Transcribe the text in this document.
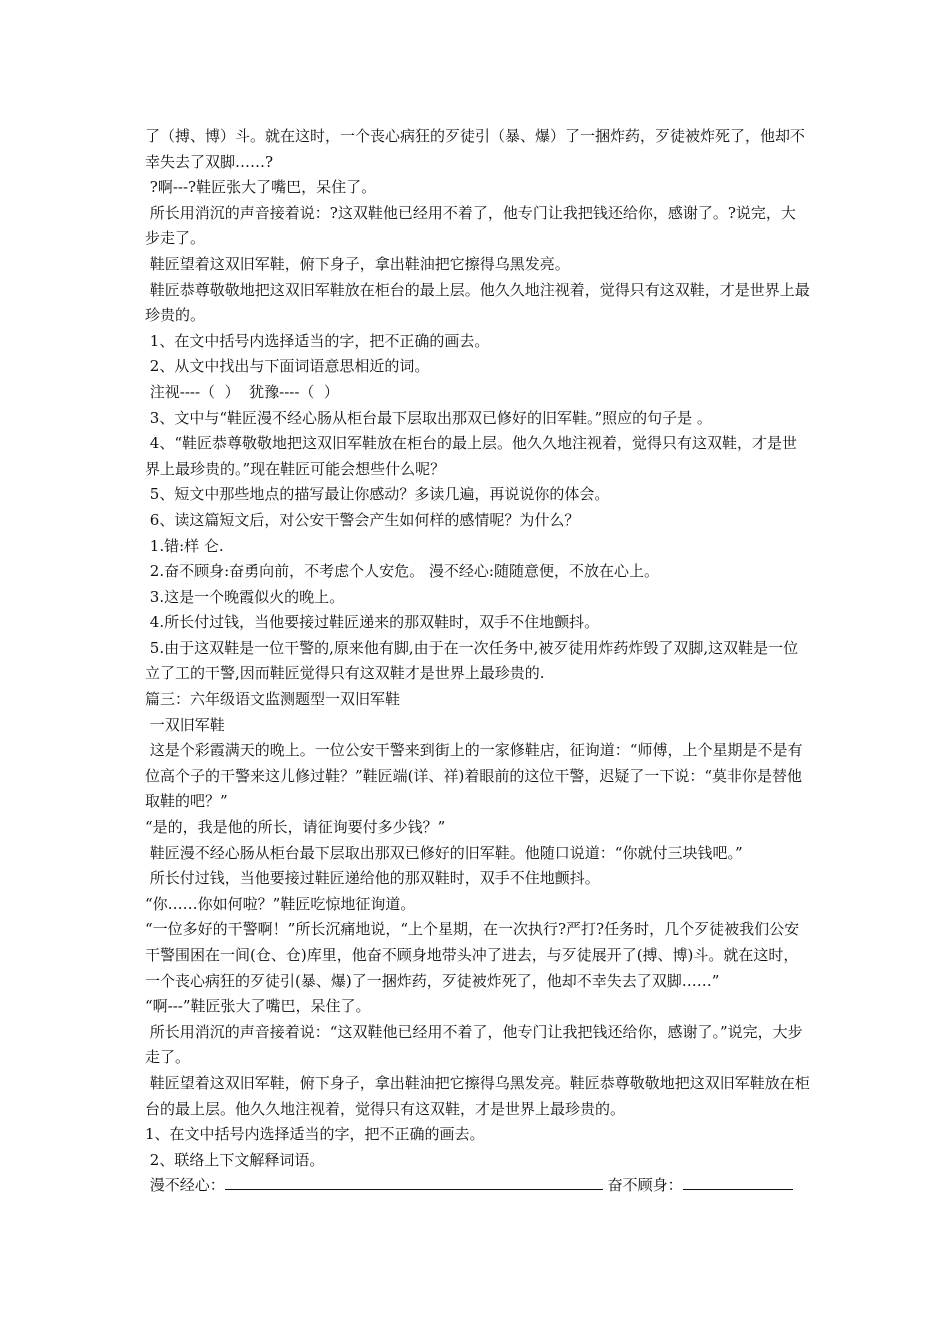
了（搏、博）斗。就在这时，一个丧心病狂的歹徒引（暴、爆）了一捆炸药，歹徒被炸死了，他却不幸失去了双脚……?

?啊---?鞋匠张大了嘴巴，呆住了。

所长用消沉的声音接着说：?这双鞋他已经用不着了，他专门让我把钱还给你，感谢了。?说完，大步走了。

鞋匠望着这双旧军鞋，俯下身子，拿出鞋油把它擦得乌黑发亮。

鞋匠恭尊敬敬地把这双旧军鞋放在柜台的最上层。他久久地注视着，觉得只有这双鞋，才是世界上最珍贵的。

1、在文中括号内选择适当的字，把不正确的画去。

2、从文中找出与下面词语意思相近的词。

注视----（  ）  犹豫----（  ）

3、文中与“鞋匠漫不经心肠从柜台最下层取出那双已修好的旧军鞋。”照应的句子是 。

4、“鞋匠恭尊敬敬地把这双旧军鞋放在柜台的最上层。他久久地注视着，觉得只有这双鞋，才是世界上最珍贵的。”现在鞋匠可能会想些什么呢？

5、短文中那些地点的描写最让你感动？多读几遍，再说说你的体会。

6、读这篇短文后，对公安干警会产生如何样的感情呢？为什么？

1.错:样 仑.

2.奋不顾身:奋勇向前，不考虑个人安危。 漫不经心:随随意便，不放在心上。

3.这是一个晚霞似火的晚上。

4.所长付过钱，当他要接过鞋匠递来的那双鞋时，双手不住地颤抖。

5.由于这双鞋是一位干警的,原来他有脚,由于在一次任务中,被歹徒用炸药炸毁了双脚,这双鞋是一位立了工的干警,因而鞋匠觉得只有这双鞋才是世界上最珍贵的.

篇三：六年级语文监测题型一双旧军鞋

一双旧军鞋

这是个彩霞满天的晚上。一位公安干警来到街上的一家修鞋店，征询道：“师傅，上个星期是不是有位高个子的干警来这儿修过鞋？”鞋匠端(详、祥)着眼前的这位干警，迟疑了一下说：“莫非你是替他取鞋的吧？”

“是的，我是他的所长，请征询要付多少钱？”

鞋匠漫不经心肠从柜台最下层取出那双已修好的旧军鞋。他随口说道：“你就付三块钱吧。”

所长付过钱，当他要接过鞋匠递给他的那双鞋时，双手不住地颤抖。

“你……你如何啦？”鞋匠吃惊地征询道。

“一位多好的干警啊！”所长沉痛地说，“上个星期，在一次执行?严打?任务时，几个歹徒被我们公安干警围困在一间(仓、仓)库里，他奋不顾身地带头冲了进去，与歹徒展开了(搏、博)斗。就在这时，一个丧心病狂的歹徒引(暴、爆)了一捆炸药，歹徒被炸死了，他却不幸失去了双脚……”

“啊---”鞋匠张大了嘴巴，呆住了。

所长用消沉的声音接着说：“这双鞋他已经用不着了，他专门让我把钱还给你，感谢了。”说完，大步走了。

鞋匠望着这双旧军鞋，俯下身子，拿出鞋油把它擦得乌黑发亮。鞋匠恭尊敬敬地把这双旧军鞋放在柜台的最上层。他久久地注视着，觉得只有这双鞋，才是世界上最珍贵的。

1、在文中括号内选择适当的字，把不正确的画去。

2、联络上下文解释词语。

漫不经心：	奋不顾身：
